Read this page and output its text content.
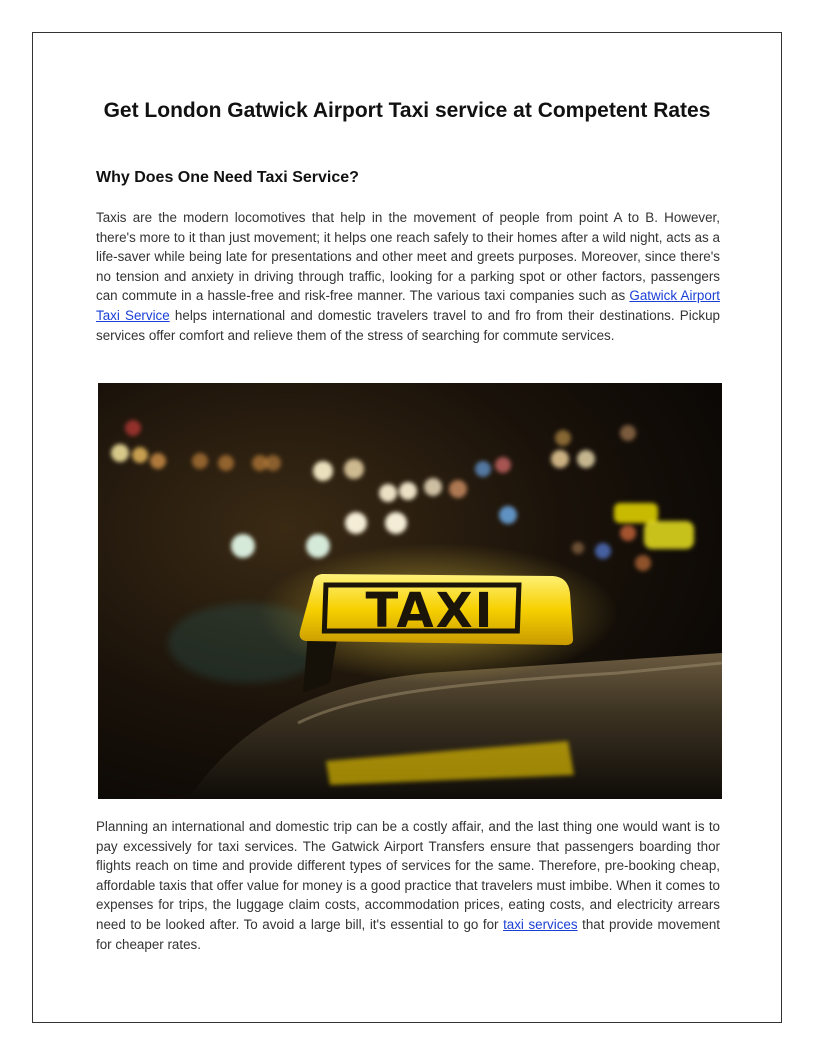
Get London Gatwick Airport Taxi service at Competent Rates
Why Does One Need Taxi Service?

Taxis are the modern locomotives that help in the movement of people from point A to B. However, there's more to it than just movement; it helps one reach safely to their homes after a wild night, acts as a life-saver while being late for presentations and other meet and greets purposes. Moreover, since there's no tension and anxiety in driving through traffic, looking for a parking spot or other factors, passengers can commute in a hassle-free and risk-free manner. The various taxi companies such as Gatwick Airport Taxi Service helps international and domestic travelers travel to and fro from their destinations. Pickup services offer comfort and relieve them of the stress of searching for commute services.

TAXI

Planning an international and domestic trip can be a costly affair, and the last thing one would want is to pay excessively for taxi services. The Gatwick Airport Transfers ensure that passengers boarding thor flights reach on time and provide different types of services for the same. Therefore, pre-booking cheap, affordable taxis that offer value for money is a good practice that travelers must imbibe. When it comes to expenses for trips, the luggage claim costs, accommodation prices, eating costs, and electricity arrears need to be looked after. To avoid a large bill, it's essential to go for taxi services that provide movement for cheaper rates.
